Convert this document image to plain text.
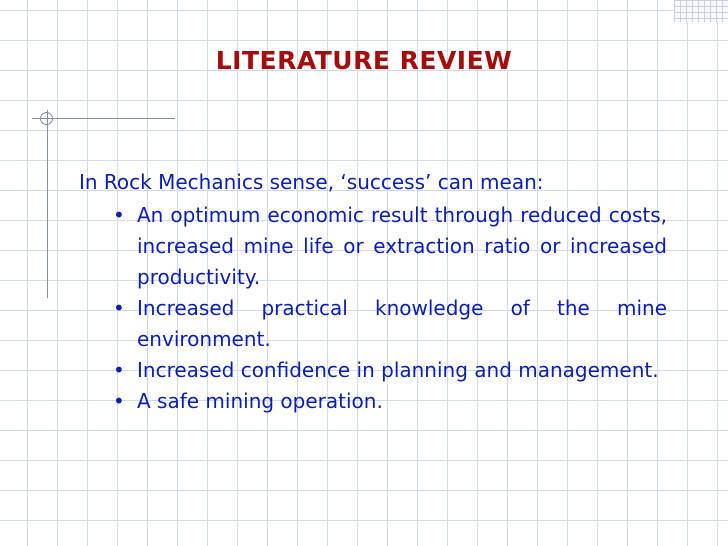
LITERATURE REVIEW

In Rock Mechanics sense, ‘success’ can mean:

• An optimum economic result through reduced costs, increased mine life or extraction ratio or increased productivity.
• Increased practical knowledge of the mine environment.
• Increased confidence in planning and management.
• A safe mining operation.
